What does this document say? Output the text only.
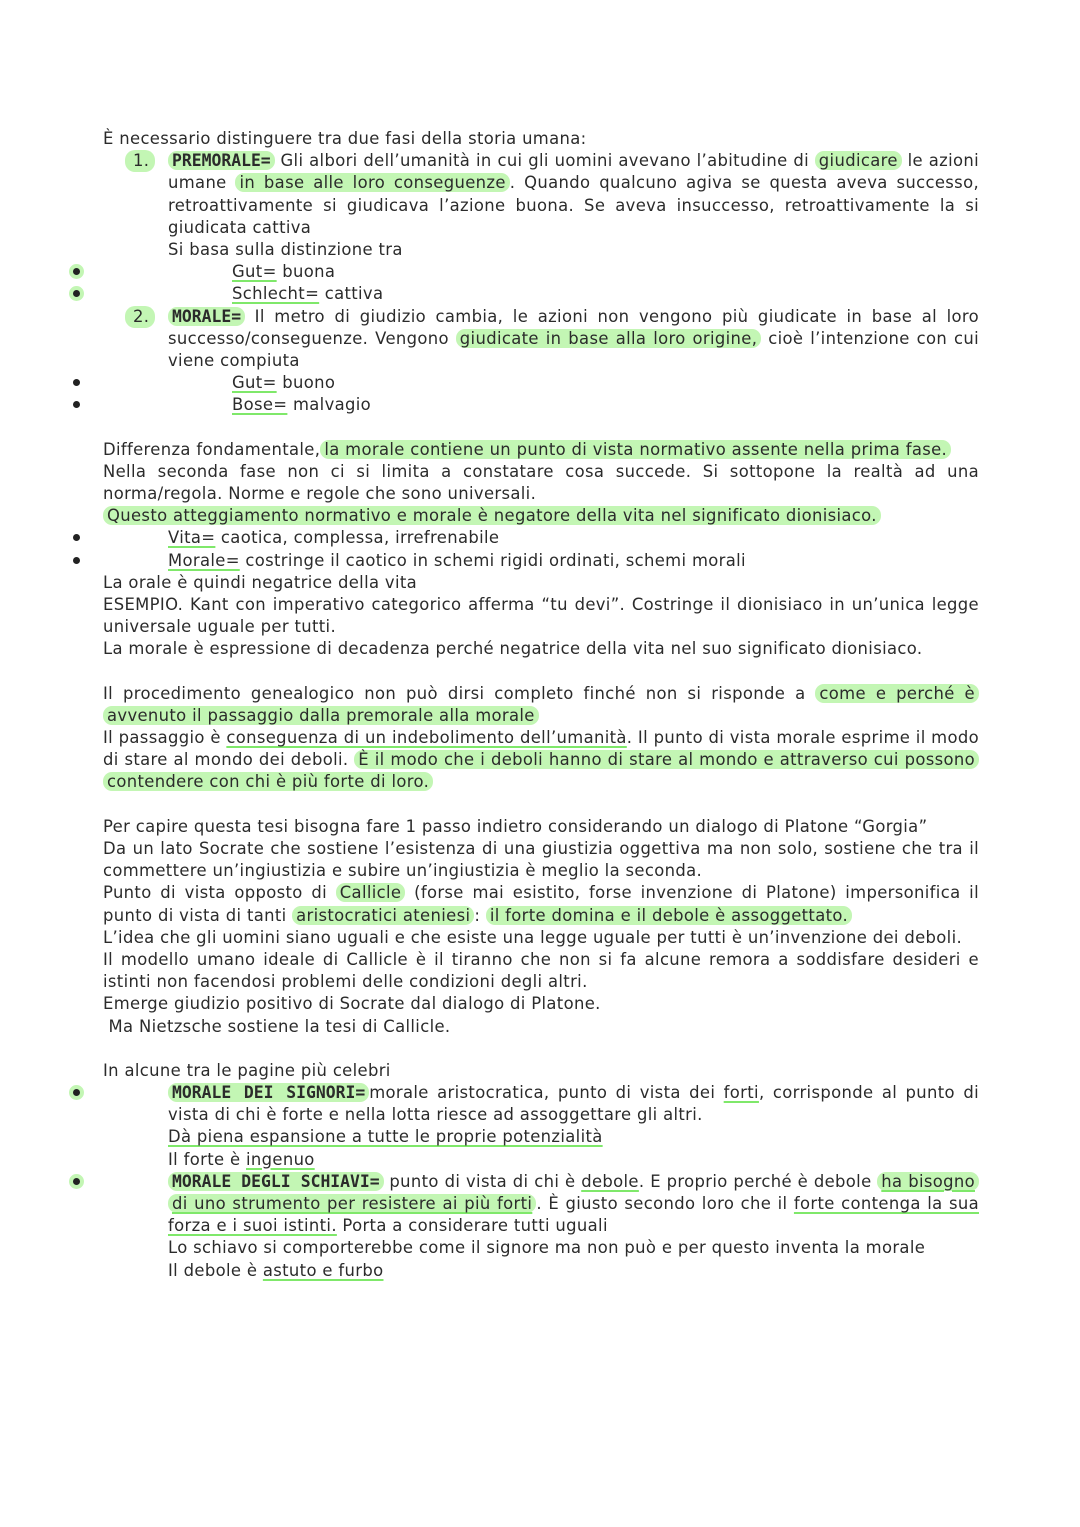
È necessario distinguere tra due fasi della storia umana:

1.	PREMORALE= Gli albori dell’umanità in cui gli uomini avevano l’abitudine di giudicare le azioni umane in base alle loro conseguenze . Quando qualcuno agiva se questa aveva successo, retroattivamente si giudicava l’azione buona. Se aveva insuccesso, retroattivamente la si giudicata cattiva

Si basa sulla distinzione tra

Gut= buona
Schlecht= cattiva
2.	MORALE= Il metro di giudizio cambia, le azioni non vengono più giudicate in base al loro successo/conseguenze. Vengono giudicate in base alla loro origine, cioè l’intenzione con cui viene compiuta
Gut= buono
Bose= malvagio

Differenza fondamentale, la morale contiene un punto di vista normativo assente nella prima fase.

Nella seconda fase non ci si limita a constatare cosa succede. Si sottopone la realtà ad una norma/regola. Norme e regole che sono universali.

Questo atteggiamento normativo e morale è negatore della vita nel significato dionisiaco.

Vita= caotica, complessa, irrefrenabile
Morale= costringe il caotico in schemi rigidi ordinati, schemi morali

La orale è quindi negatrice della vita

ESEMPIO. Kant con imperativo categorico afferma “tu devi”. Costringe il dionisiaco in un’unica legge universale uguale per tutti.

La morale è espressione di decadenza perché negatrice della vita nel suo significato dionisiaco.

Il procedimento genealogico non può dirsi completo finché non si risponde a come e perché è avvenuto il passaggio dalla premorale alla morale

Il passaggio è conseguenza di un indebolimento dell’umanità. Il punto di vista morale esprime il modo di stare al mondo dei deboli. È il modo che i deboli hanno di stare al mondo e attraverso cui possono contendere con chi è più forte di loro.

Per capire questa tesi bisogna fare 1 passo indietro considerando un dialogo di Platone “Gorgia”

Da un lato Socrate che sostiene l’esistenza di una giustizia oggettiva ma non solo, sostiene che tra il commettere un’ingiustizia e subire un’ingiustizia è meglio la seconda.

Punto di vista opposto di Callicle (forse mai esistito, forse invenzione di Platone) impersonifica il punto di vista di tanti aristocratici ateniesi : il forte domina e il debole è assoggettato.

L’idea che gli uomini siano uguali e che esiste una legge uguale per tutti è un’invenzione dei deboli.

Il modello umano ideale di Callicle è il tiranno che non si fa alcune remora a soddisfare desideri e istinti non facendosi problemi delle condizioni degli altri.

Emerge giudizio positivo di Socrate dal dialogo di Platone.

Ma Nietzsche sostiene la tesi di Callicle.

In alcune tra le pagine più celebri

MORALE DEI SIGNORI= morale aristocratica, punto di vista dei forti, corrisponde al punto di vista di chi è forte e nella lotta riesce ad assoggettare gli altri.

Dà piena espansione a tutte le proprie potenzialità

Il forte è ingenuo

MORALE DEGLI SCHIAVI= punto di vista di chi è debole. E proprio perché è debole ha bisogno di uno strumento per resistere ai più forti . È giusto secondo loro che il forte contenga la sua forza e i suoi istinti. Porta a considerare tutti uguali

Lo schiavo si comporterebbe come il signore ma non può e per questo inventa la morale

Il debole è astuto e furbo
